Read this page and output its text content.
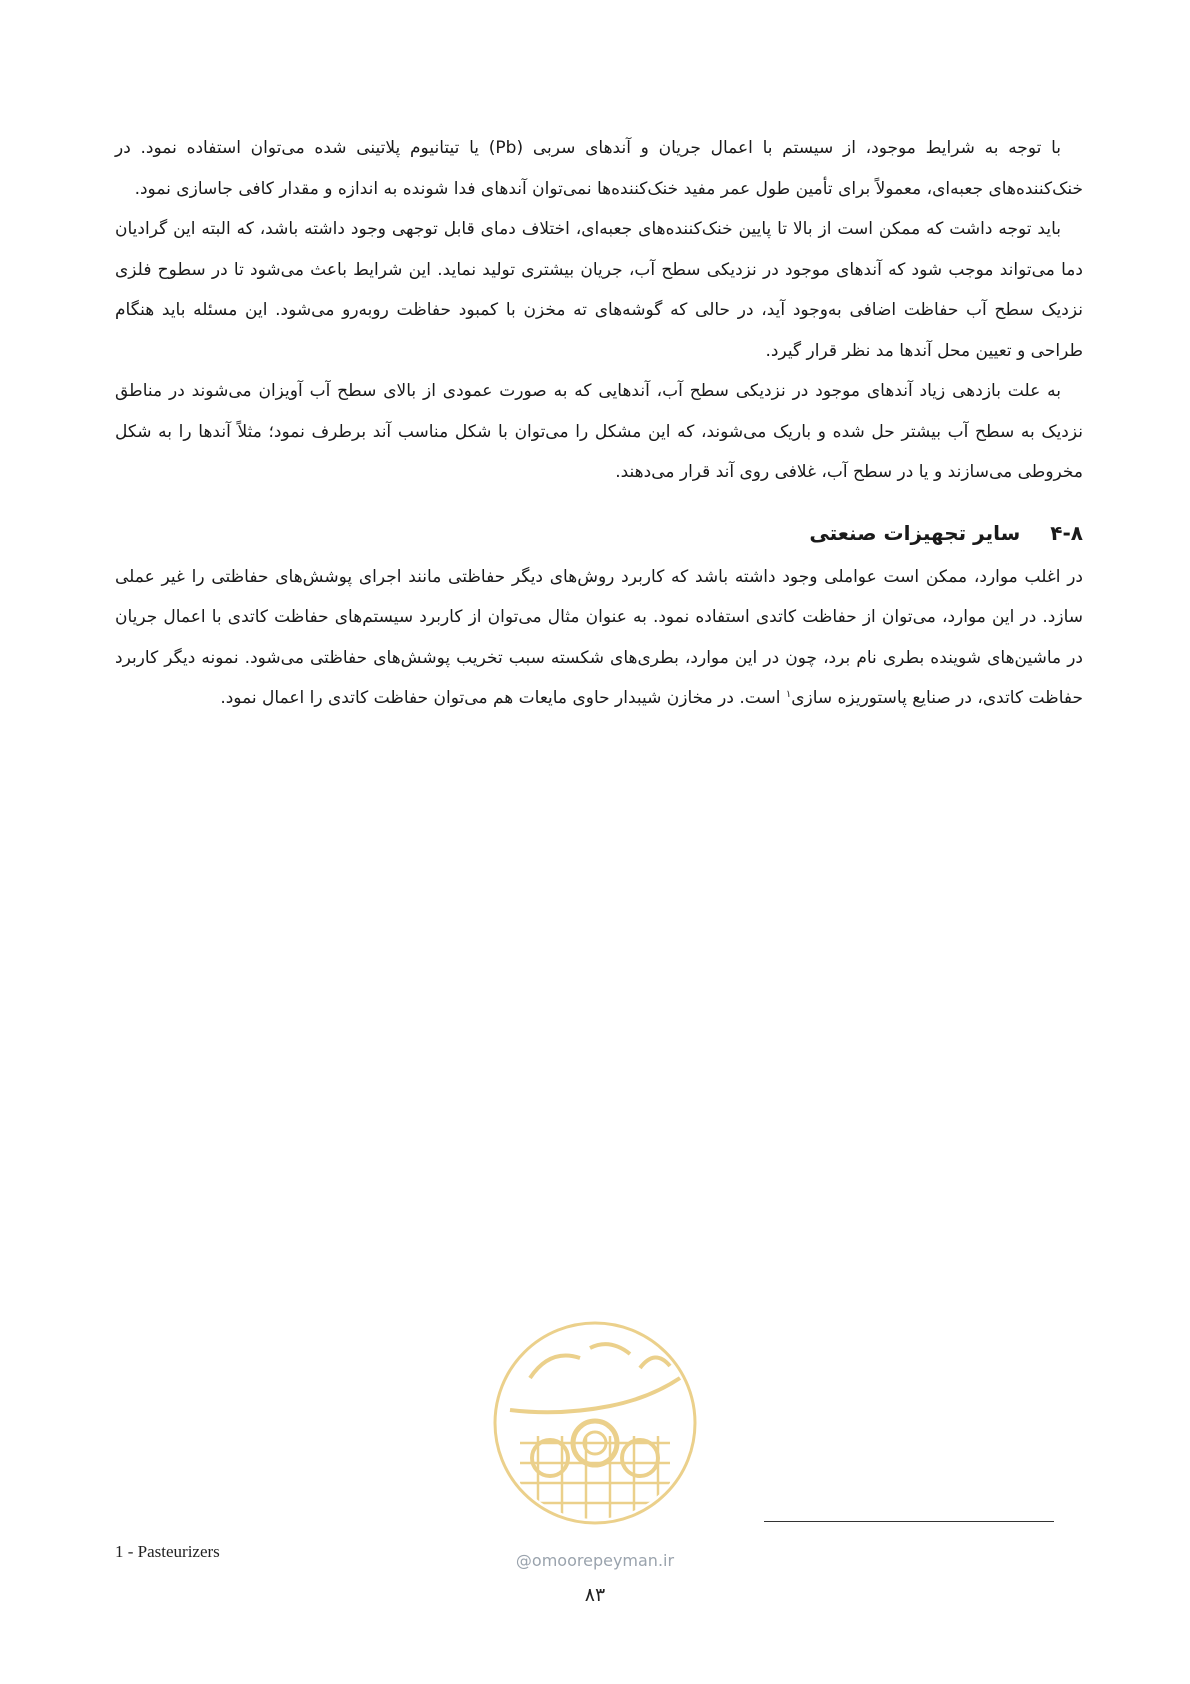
با توجه به شرایط موجود، از سیستم با اعمال جریان و آندهای سربی (Pb) یا تیتانیوم پلاتینی شده می‌توان استفاده نمود. در خنک‌کننده‌های جعبه‌ای، معمولاً برای تأمین طول عمر مفید خنک‌کننده‌ها نمی‌توان آندهای فدا شونده به اندازه و مقدار کافی جاسازی نمود.

باید توجه داشت که ممکن است از بالا تا پایین خنک‌کننده‌های جعبه‌ای، اختلاف دمای قابل توجهی وجود داشته باشد، که البته این گرادیان دما می‌تواند موجب شود که آندهای موجود در نزدیکی سطح آب، جریان بیشتری تولید نماید. این شرایط باعث می‌شود تا در سطوح فلزی نزدیک سطح آب حفاظت اضافی به‌وجود آید، در حالی که گوشه‌های ته مخزن با کمبود حفاظت روبه‌رو می‌شود. این مسئله باید هنگام طراحی و تعیین محل آندها مد نظر قرار گیرد.

به علت بازدهی زیاد آندهای موجود در نزدیکی سطح آب، آندهایی که به صورت عمودی از بالای سطح آب آویزان می‌شوند در مناطق نزدیک به سطح آب بیشتر حل شده و باریک می‌شوند، که این مشکل را می‌توان با شکل مناسب آند برطرف نمود؛ مثلاً آندها را به شکل مخروطی می‌سازند و یا در سطح آب، غلافی روی آند قرار می‌دهند.

۴-۸
سایر تجهیزات صنعتی

در اغلب موارد، ممکن است عواملی وجود داشته باشد که کاربرد روش‌های دیگر حفاظتی مانند اجرای پوشش‌های حفاظتی را غیر عملی سازد. در این موارد، می‌توان از حفاظت کاتدی استفاده نمود. به عنوان مثال می‌توان از کاربرد سیستم‌های حفاظت کاتدی با اعمال جریان در ماشین‌های شوینده بطری نام برد، چون در این موارد، بطری‌های شکسته سبب تخریب پوشش‌های حفاظتی می‌شود. نمونه دیگر کاربرد حفاظت کاتدی، در صنایع پاستوریزه سازی$^۱$ است. در مخازن شیبدار حاوی مایعات هم می‌توان حفاظت کاتدی را اعمال نمود.

@omoorepeyman.ir
1 - Pasteurizers
۸۳
